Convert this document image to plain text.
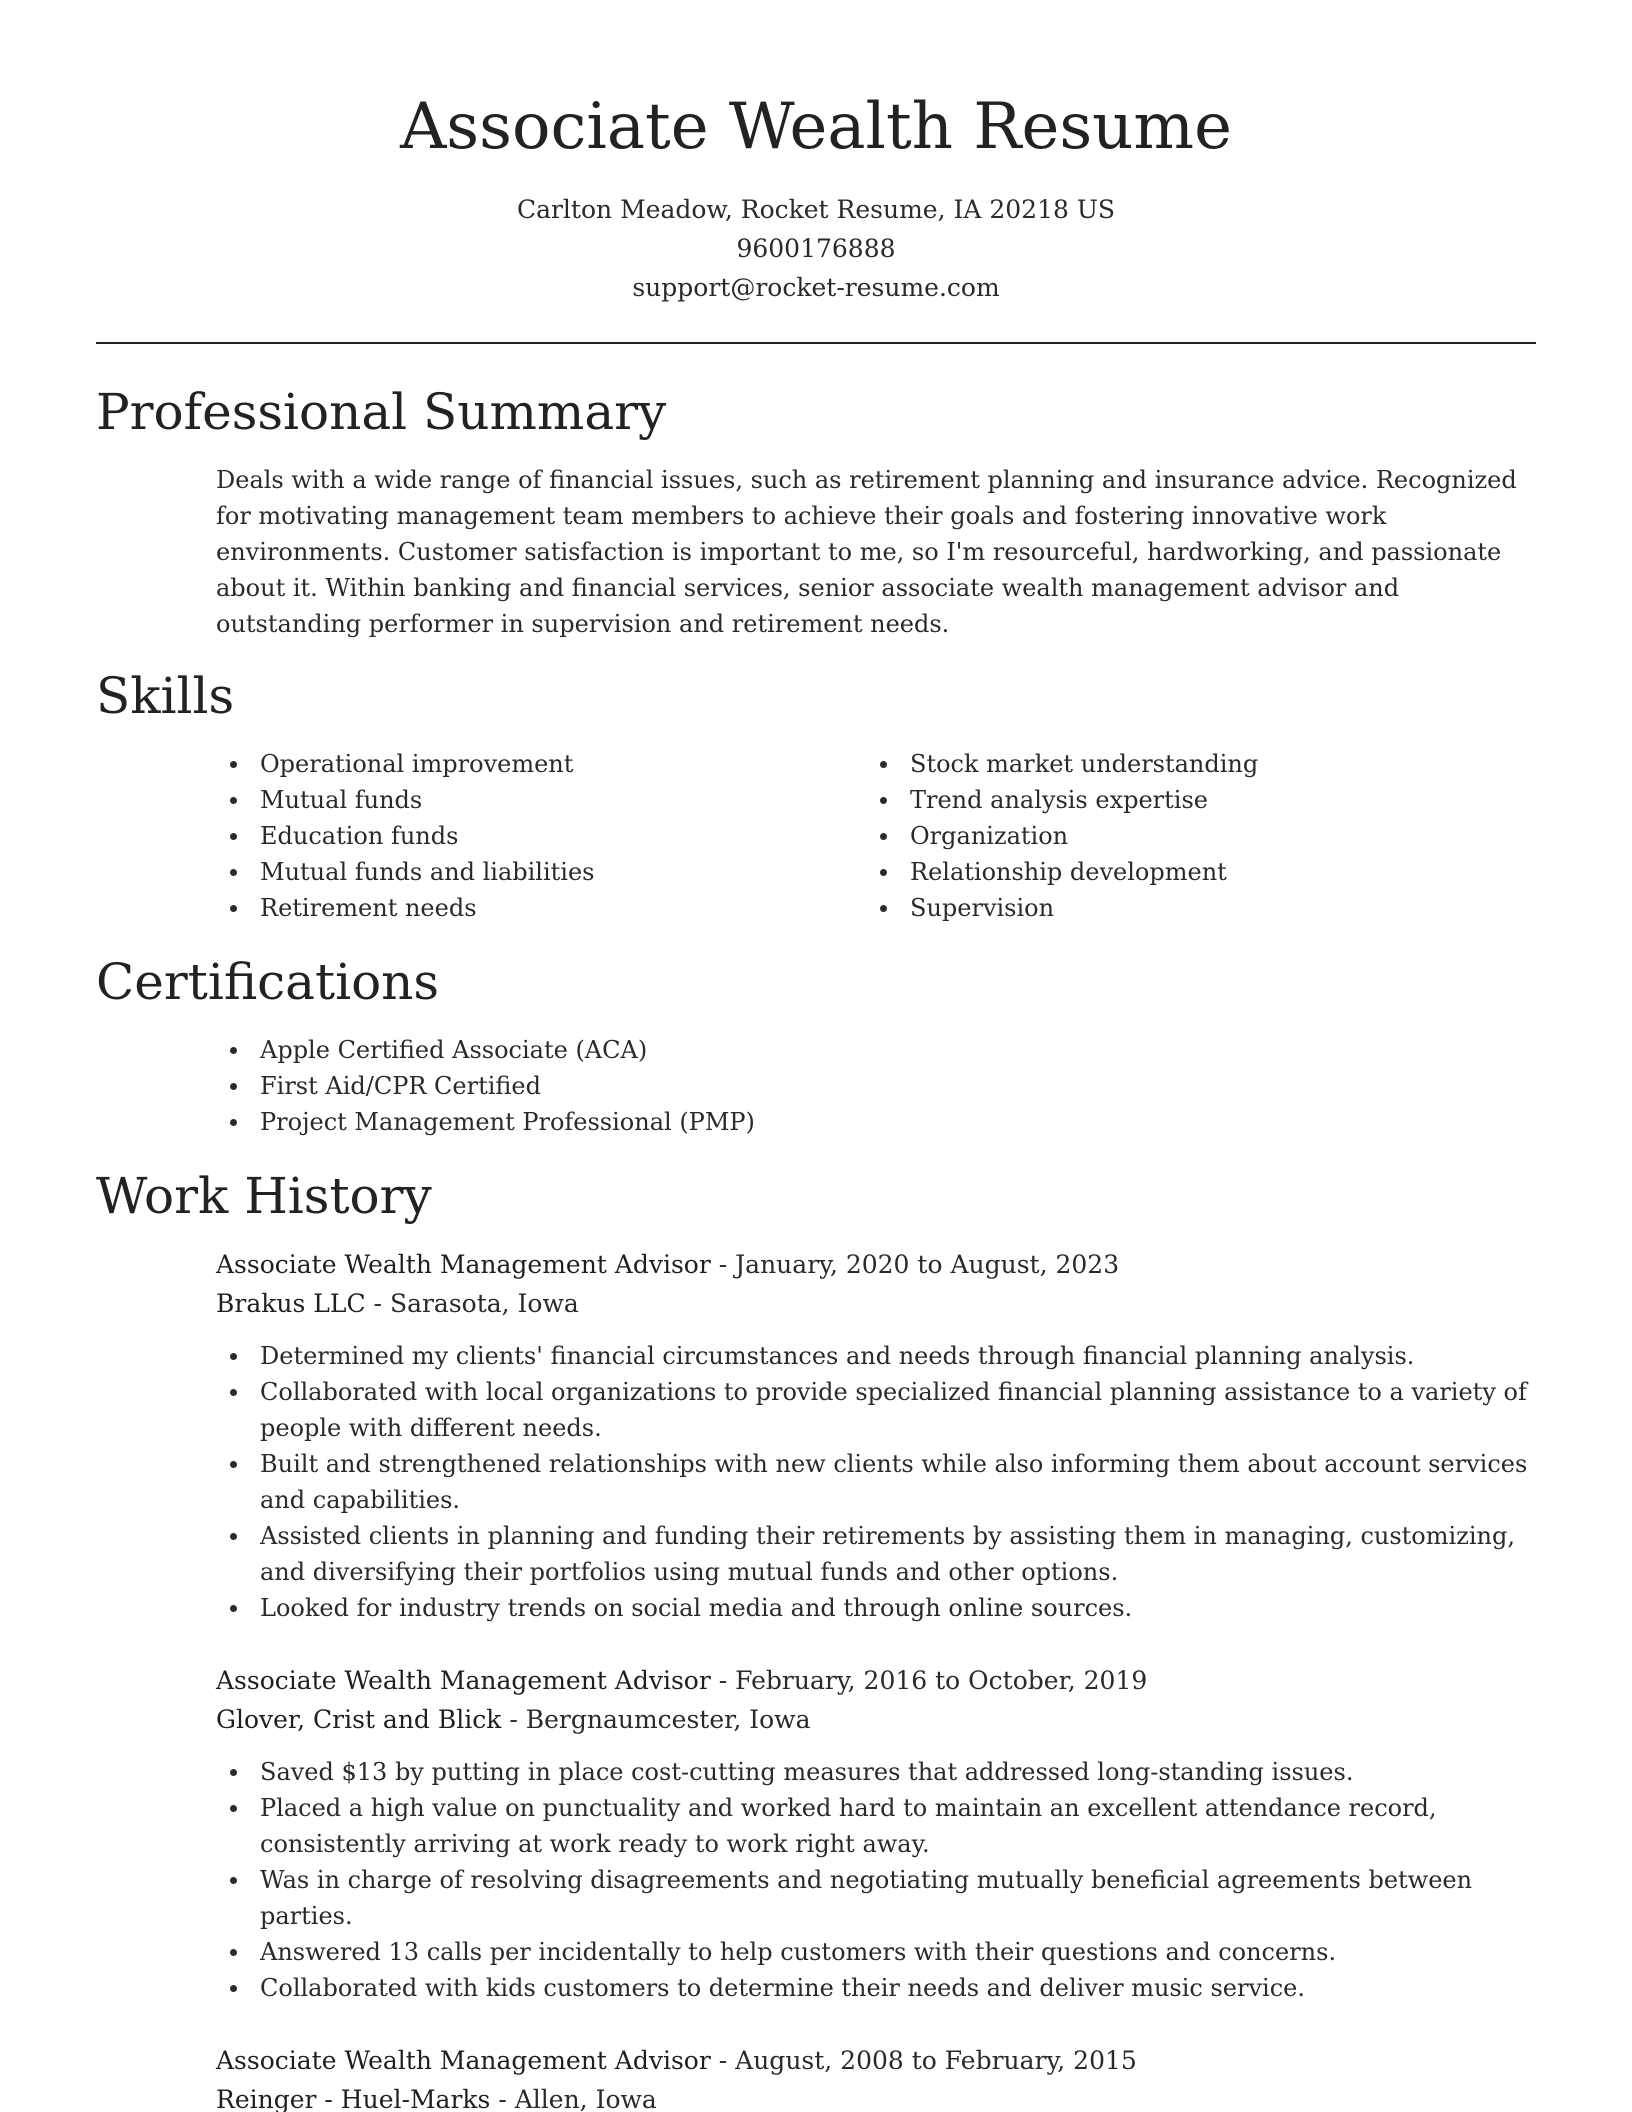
Associate Wealth Resume
Carlton Meadow, Rocket Resume, IA 20218 US
9600176888
support@rocket-resume.com
Professional Summary

Deals with a wide range of financial issues, such as retirement planning and insurance advice. Recognized for motivating management team members to achieve their goals and fostering innovative work environments. Customer satisfaction is important to me, so I'm resourceful, hardworking, and passionate about it. Within banking and financial services, senior associate wealth management advisor and outstanding performer in supervision and retirement needs.

Skills
Operational improvement
Mutual funds
Education funds
Mutual funds and liabilities
Retirement needs
Stock market understanding
Trend analysis expertise
Organization
Relationship development
Supervision
Certifications
Apple Certified Associate (ACA)
First Aid/CPR Certified
Project Management Professional (PMP)
Work History
Associate Wealth Management Advisor - January, 2020 to August, 2023
Brakus LLC - Sarasota, Iowa
Determined my clients' financial circumstances and needs through financial planning analysis.
Collaborated with local organizations to provide specialized financial planning assistance to a variety of people with different needs.
Built and strengthened relationships with new clients while also informing them about account services and capabilities.
Assisted clients in planning and funding their retirements by assisting them in managing, customizing, and diversifying their portfolios using mutual funds and other options.
Looked for industry trends on social media and through online sources.
Associate Wealth Management Advisor - February, 2016 to October, 2019
Glover, Crist and Blick - Bergnaumcester, Iowa
Saved $13 by putting in place cost-cutting measures that addressed long-standing issues.
Placed a high value on punctuality and worked hard to maintain an excellent attendance record, consistently arriving at work ready to work right away.
Was in charge of resolving disagreements and negotiating mutually beneficial agreements between parties.
Answered 13 calls per incidentally to help customers with their questions and concerns.
Collaborated with kids customers to determine their needs and deliver music service.
Associate Wealth Management Advisor - August, 2008 to February, 2015
Reinger - Huel-Marks - Allen, Iowa
